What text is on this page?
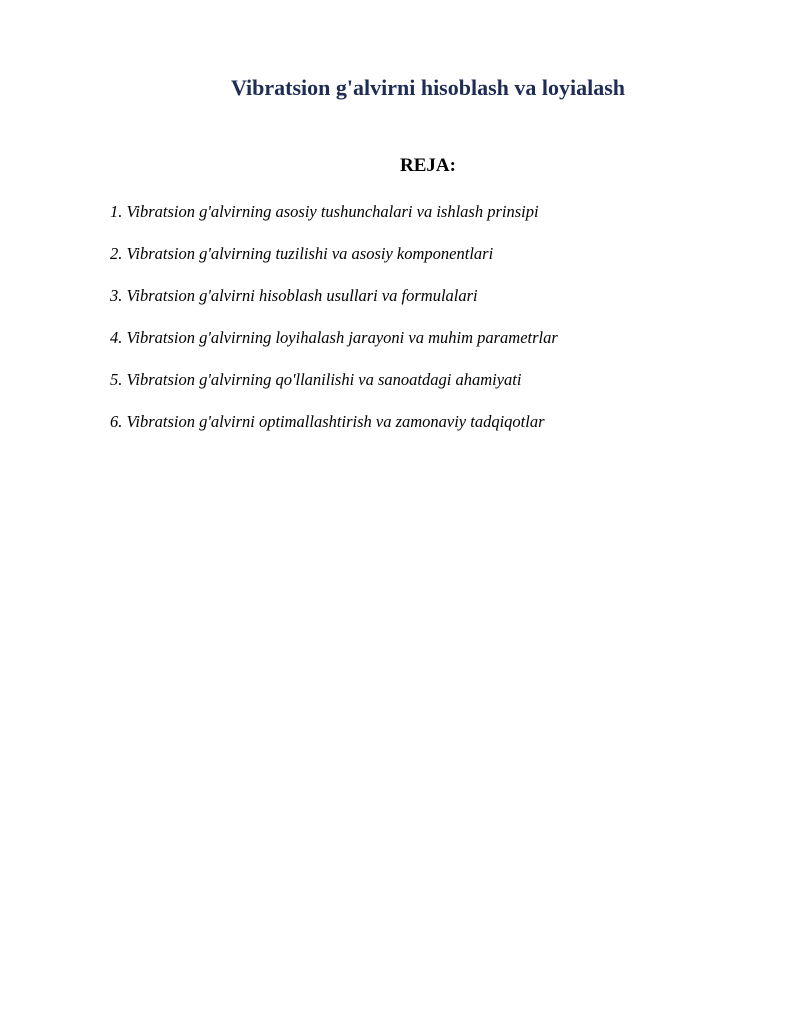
Vibratsion g'alvirni hisoblash va loyialash
REJA:
1. Vibratsion g'alvirning asosiy tushunchalari va ishlash prinsipi
2. Vibratsion g'alvirning tuzilishi va asosiy komponentlari
3. Vibratsion g'alvirni hisoblash usullari va formulalari
4. Vibratsion g'alvirning loyihalash jarayoni va muhim parametrlar
5. Vibratsion g'alvirning qo'llanilishi va sanoatdagi ahamiyati
6. Vibratsion g'alvirni optimallashtirish va zamonaviy tadqiqotlar
